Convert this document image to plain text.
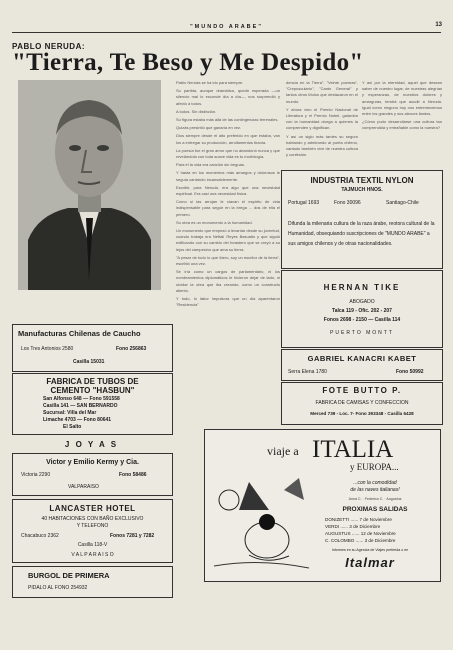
"MUNDO ARABE"	13
PABLO NERUDA:
"Tierra, Te Beso y Me Despido"

Pablo Neruda se ha ido para siempre.

Su partida, aunque dramática, quedó esperada —un silencio mal lo esconde día a día—, nos sorprendió y afectó a todos.

A todos. Sin distinción.

Su figura estaba más allá de las contingencias terrenales.

Quizás presintió que ganaría en vez.

Dios siempre desde el alto preferido en que estaba, van los a entregar su producción, arrollamentos tiranía.

La poesía fue el gran amor que no abandonó nunca y que revelándola con toda suave vida es tu morfología.

Para él la vida era canción sin treguas.

Y hasta en los momentos más amargos y dolorosos le seguía cantando incansablemente.

Escribir, para Neruda, era algo que una necesidad espiritual. Era casi una necesidad física.

Como si las arrojan le clavan el espíritu de vida indispensable para seguir en la brega ... dos de ella el primero.

Su obra es un monumento a la humanidad.

Un monumento que empezó a levantar desde su juventud, cuando trabaja era Neftalí Reyes Basualto y que siguió edificando con su cambio del forastero que se creyó a su lejos del campesino que ama su tierra.

"A pesar de todo lo que Ibero, soy un escritor de la tierra", escribió una vez.

Se iría como un cargos de parlamentario, ni los nombramientos diplomáticos le hicieron dejar de lado, ni olvidar la obra que iba creando, como un constructo aliento.

Y todo, lo labor impulsora que un día aparentaron "Residencia"

dencia en la Tierra", "Veinte poemas", "Crepusculario", "Canto General" y tantos otros títulos que destacaron en el mundo.

Y ahora vino el Premio Nacional de Literatura y el Premio Nobel, galardón con la humanidad otorga a quienes la comprenden y dignifican.

Y así un siglo más tardes su seguro hablando y admirando al poeta chileno, cantado también vive de nuestra cultura y confesión.

Y así por la eternidad, aquel que desean saber de nuestro lugar, de nuestras alegrías y esperanzas, de nuestros dolores y amarguras, tendrá que acudir a Neruda. Igual como ninguno hoy nos estremecemos entre los grandes y sus atroces llantos.

¿Cómo pudo desarrollarse una cultura tan comprendida y entrañable como la nuestra?

Manufacturas Chilenas de Caucho
Los Tres Antonios 2580	Fono 256863
Casilla 15031
FABRICA DE TUBOS DE
CEMENTO "HASBUN"
San Alfonso 648 — Fono 591558
Casilla 141 — SAN BERNARDO
Sucursal: Villa del Mar
Limache 4703 — Fono 80641
El Salto
J O Y A S
Victor y Emilio Kermy y Cia.
Victoria 2290	Fono 58486
VALPARAISO
LANCASTER HOTEL
40 HABITACIONES CON BAÑO EXCLUSIVO
Y TELEFONO
Chacabuco 2362	Fonos 7281 y 7282
Casilla 118-V
V A L P A R A I S O
BURGOL DE PRIMERA
PIDALO AL FONO 254932
INDUSTRIA TEXTIL NYLON
TAJMUCH HNOS.
Portugal 1693	Fono 30096	Santiago-Chile
Difunda la milenaria cultura de la raza árabe, reotora cultural de la Humanidad, obsequiando suscripciones de "MUNDO ARABE" a sus amigos chilenos y de otras nacionalidades.
HERNAN TIKE
ABOGADO
Talca 119 - Ofic. 202 - 207
Fonos 2698 - 2150 — Casilla 114
PUERTO MONTT
GABRIEL KANACRI KABET
Serra Elena 1780	Fono 50992
FOTE BUTTO P.
FABRICA DE CAMISAS Y CONFECCION
Merced 739 - Loc. 7- Fono 393348 - Casilla 6428
viaje a ITALIA
y EUROPA...
...con la comodidad
de las naves italianas!
Anna C. · Federico C. · Augustus
PROXIMAS SALIDAS
DONIZETTI ...... 7 de Noviembre
VERDI ...... 3 de Diciembre
AUGUSTUS ...... 12 de Noviembre
C. COLOMBO ...... 3 de Diciembre
Informes en su Agencia de Viajes preferida o en
Italmar
